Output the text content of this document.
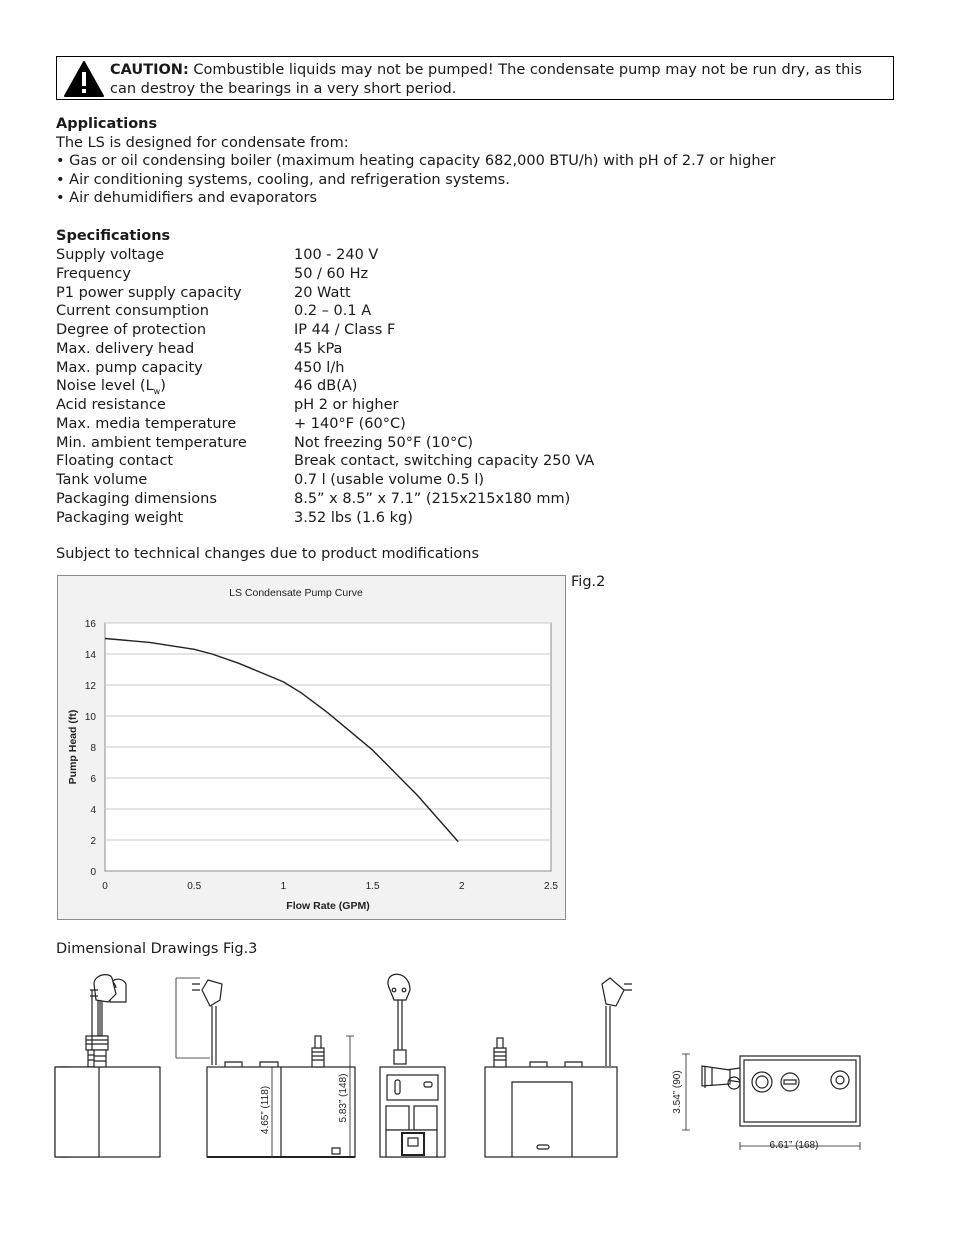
CAUTION: Combustible liquids may not be pumped! The condensate pump may not be run dry, as this can destroy the bearings in a very short period.
Applications
The LS is designed for condensate from:
• Gas or oil condensing boiler (maximum heating capacity 682,000 BTU/h) with pH of 2.7 or higher
• Air conditioning systems, cooling, and refrigeration systems.
• Air dehumidifiers and evaporators
Specifications
Supply voltage	100 - 240 V
Frequency	50 / 60 Hz
P1 power supply capacity	20 Watt
Current consumption	0.2 – 0.1 A
Degree of protection	IP 44 / Class F
Max. delivery head	45 kPa
Max. pump capacity	450 l/h
Noise level $(L_w)$	46 dB(A)
Acid resistance	pH 2 or higher
Max. media temperature	+ 140°F (60°C)
Min. ambient temperature	Not freezing 50°F (10°C)
Floating contact	Break contact, switching capacity 250 VA
Tank volume	0.7 l (usable volume 0.5 l)
Packaging dimensions	8.5” x 8.5” x 7.1” (215x215x180 mm)
Packaging weight	3.52 lbs (1.6 kg)
Subject to technical changes due to product modifications
0
2
4
6
8
10
12
14
16
0	0.5	1	1.5	2	2.5
LS Condensate Pump Curve
Flow Rate (GPM)
Pump Head (ft)
Fig.2
Dimensional Drawings Fig.3
4.65” (118)	5.83” (148)	3.54” (90)
6.61” (168)
